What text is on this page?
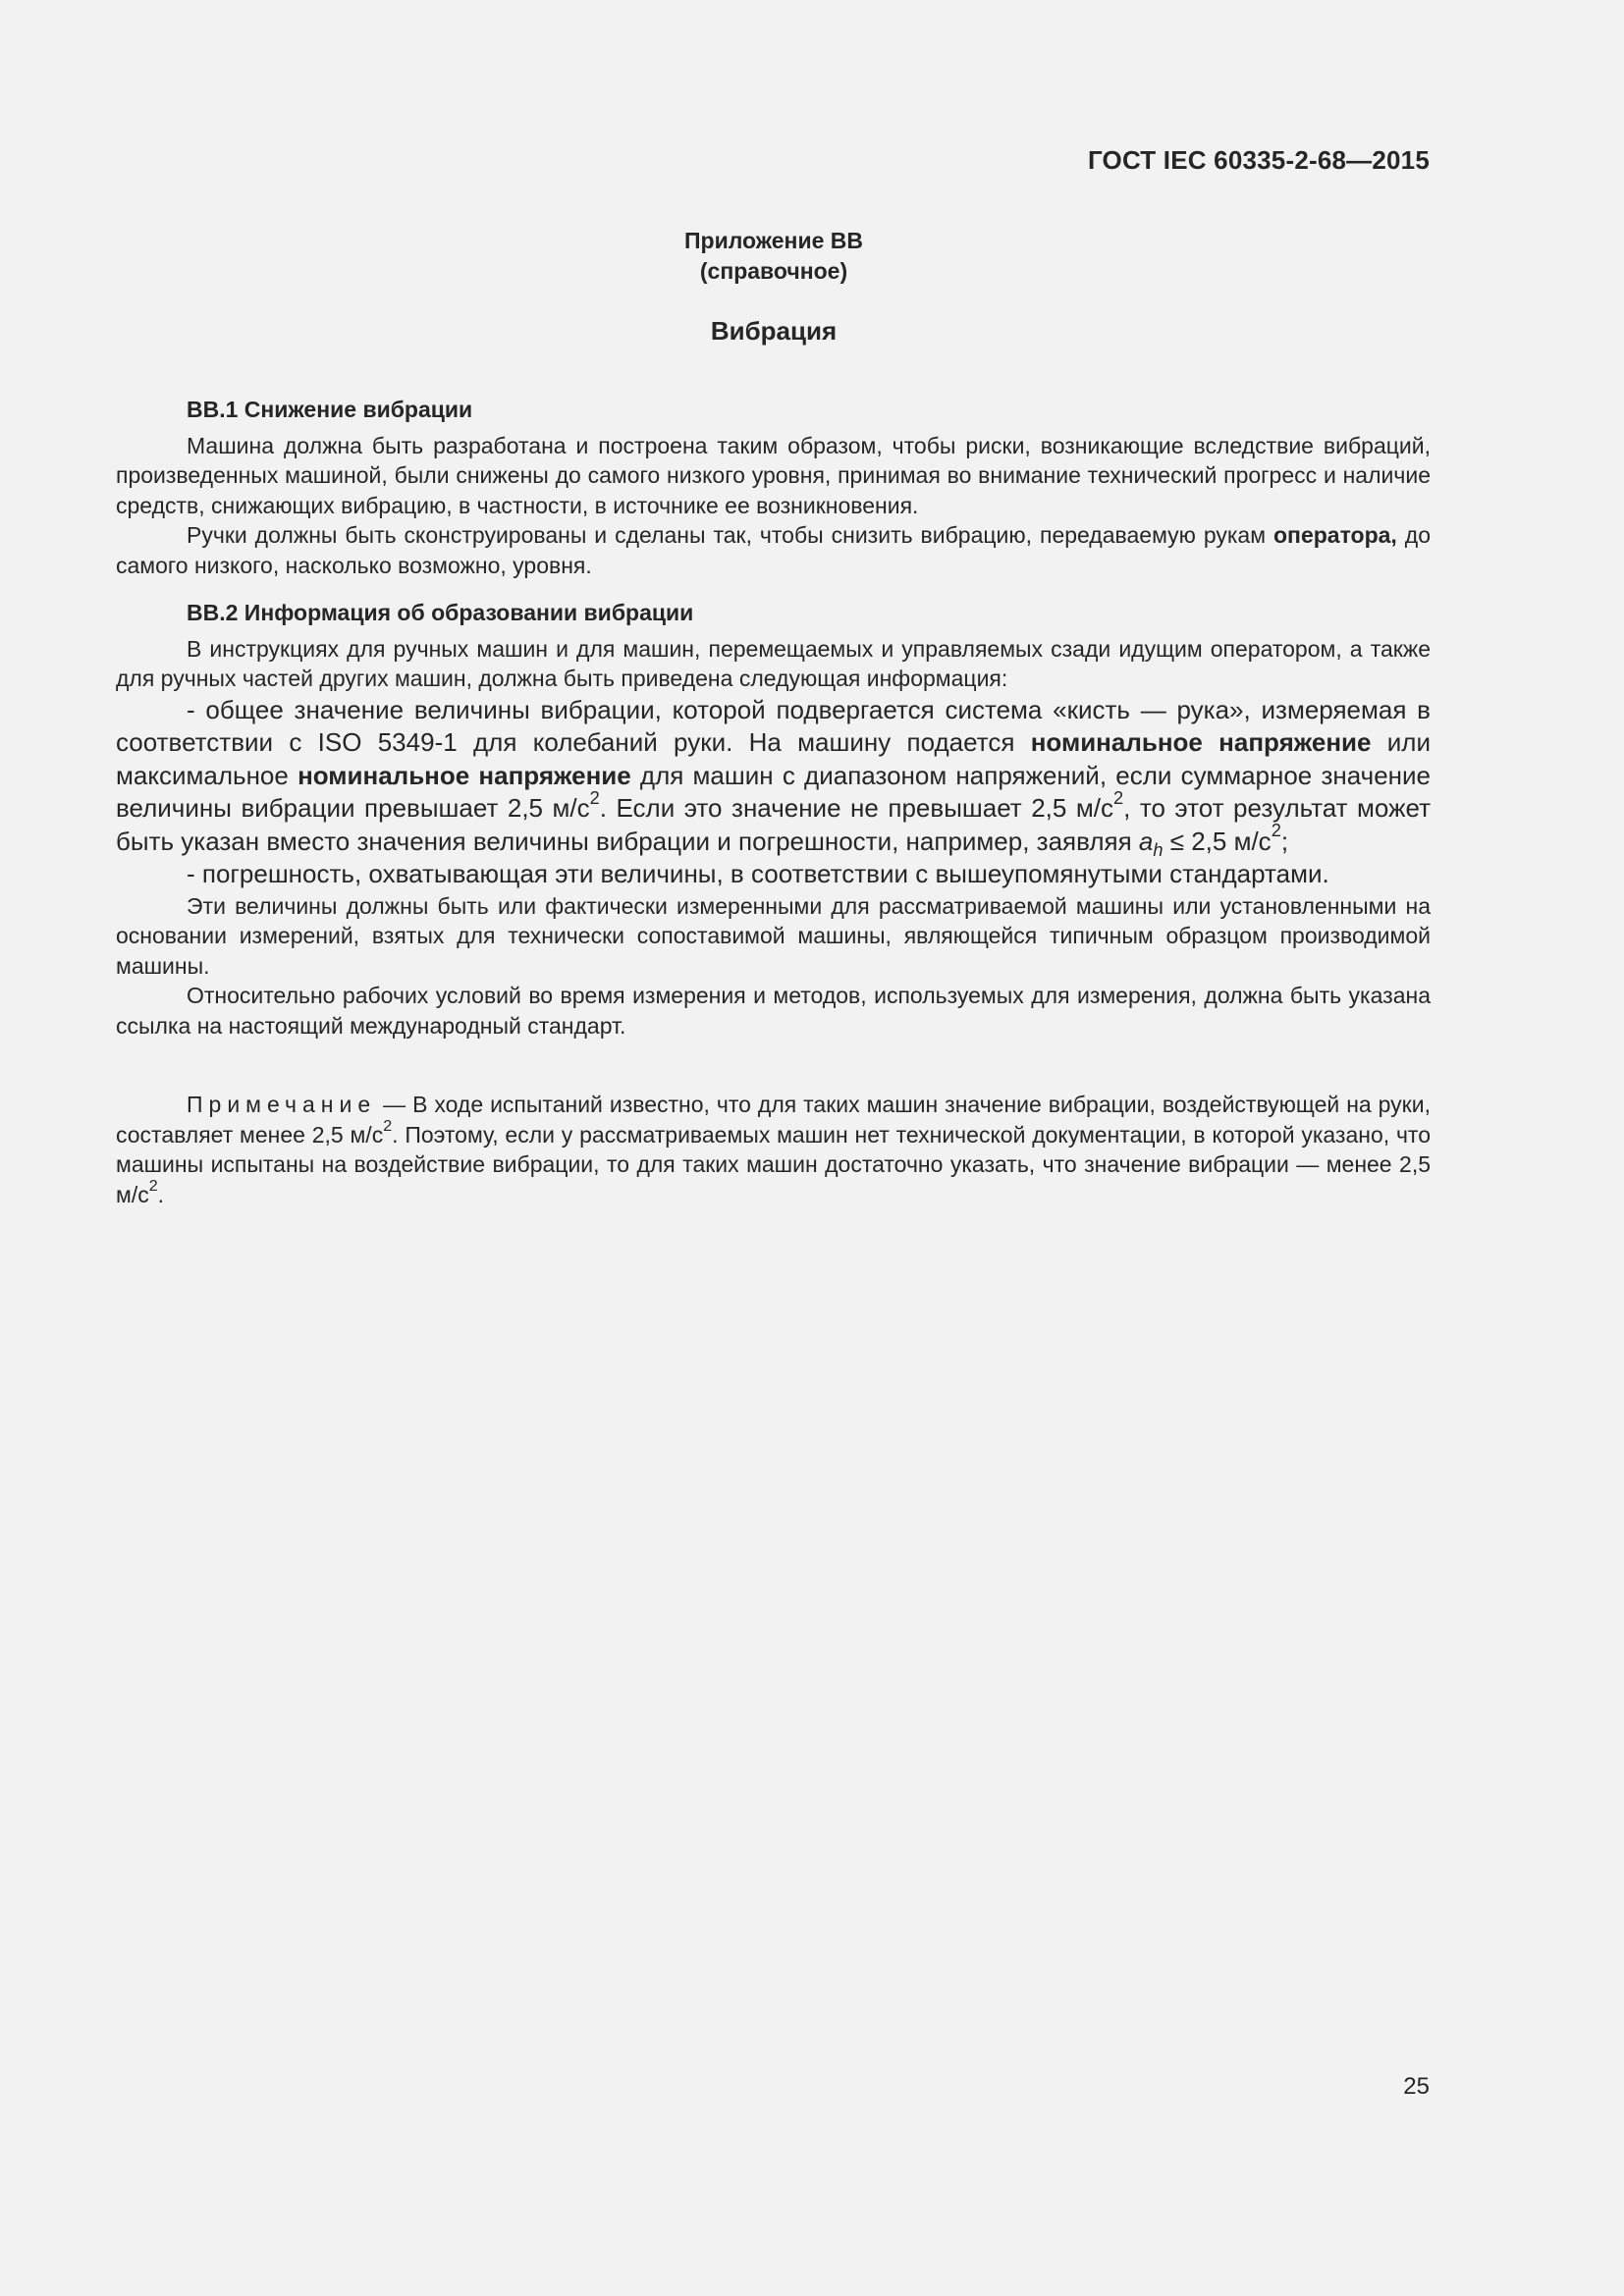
ГОСТ IEC 60335-2-68—2015
Приложение ВВ
(справочное)
Вибрация
ВВ.1 Снижение вибрации

Машина должна быть разработана и построена таким образом, чтобы риски, возникающие вследствие вибраций, произведенных машиной, были снижены до самого низкого уровня, принимая во внимание технический прогресс и наличие средств, снижающих вибрацию, в частности, в источнике ее возникновения.

Ручки должны быть сконструированы и сделаны так, чтобы снизить вибрацию, передаваемую рукам оператора, до самого низкого, насколько возможно, уровня.

ВВ.2 Информация об образовании вибрации

В инструкциях для ручных машин и для машин, перемещаемых и управляемых сзади идущим оператором, а также для ручных частей других машин, должна быть приведена следующая информация:

- общее значение величины вибрации, которой подвергается система «кисть — рука», измеряемая в соответствии с ISO 5349-1 для колебаний руки. На машину подается номинальное напряжение или максимальное номинальное напряжение для машин с диапазоном напряжений, если суммарное значение величины вибрации превышает 2,5 $м/с^2$. Если это значение не превышает 2,5 $м/с^2$, то этот результат может быть указан вместо значения величины вибрации и погрешности, например, заявляя $a_h \le 2,5$ $м/с^2$;

- погрешность, охватывающая эти величины, в соответствии с вышеупомянутыми стандартами.

Эти величины должны быть или фактически измеренными для рассматриваемой машины или установленными на основании измерений, взятых для технически сопоставимой машины, являющейся типичным образцом производимой машины.

Относительно рабочих условий во время измерения и методов, используемых для измерения, должна быть указана ссылка на настоящий международный стандарт.

Примечание — В ходе испытаний известно, что для таких машин значение вибрации, воздействующей на руки, составляет менее 2,5 $м/с^2$. Поэтому, если у рассматриваемых машин нет технической документации, в которой указано, что машины испытаны на воздействие вибрации, то для таких машин достаточно указать, что значение вибрации — менее 2,5 $м/с^2$.

25
